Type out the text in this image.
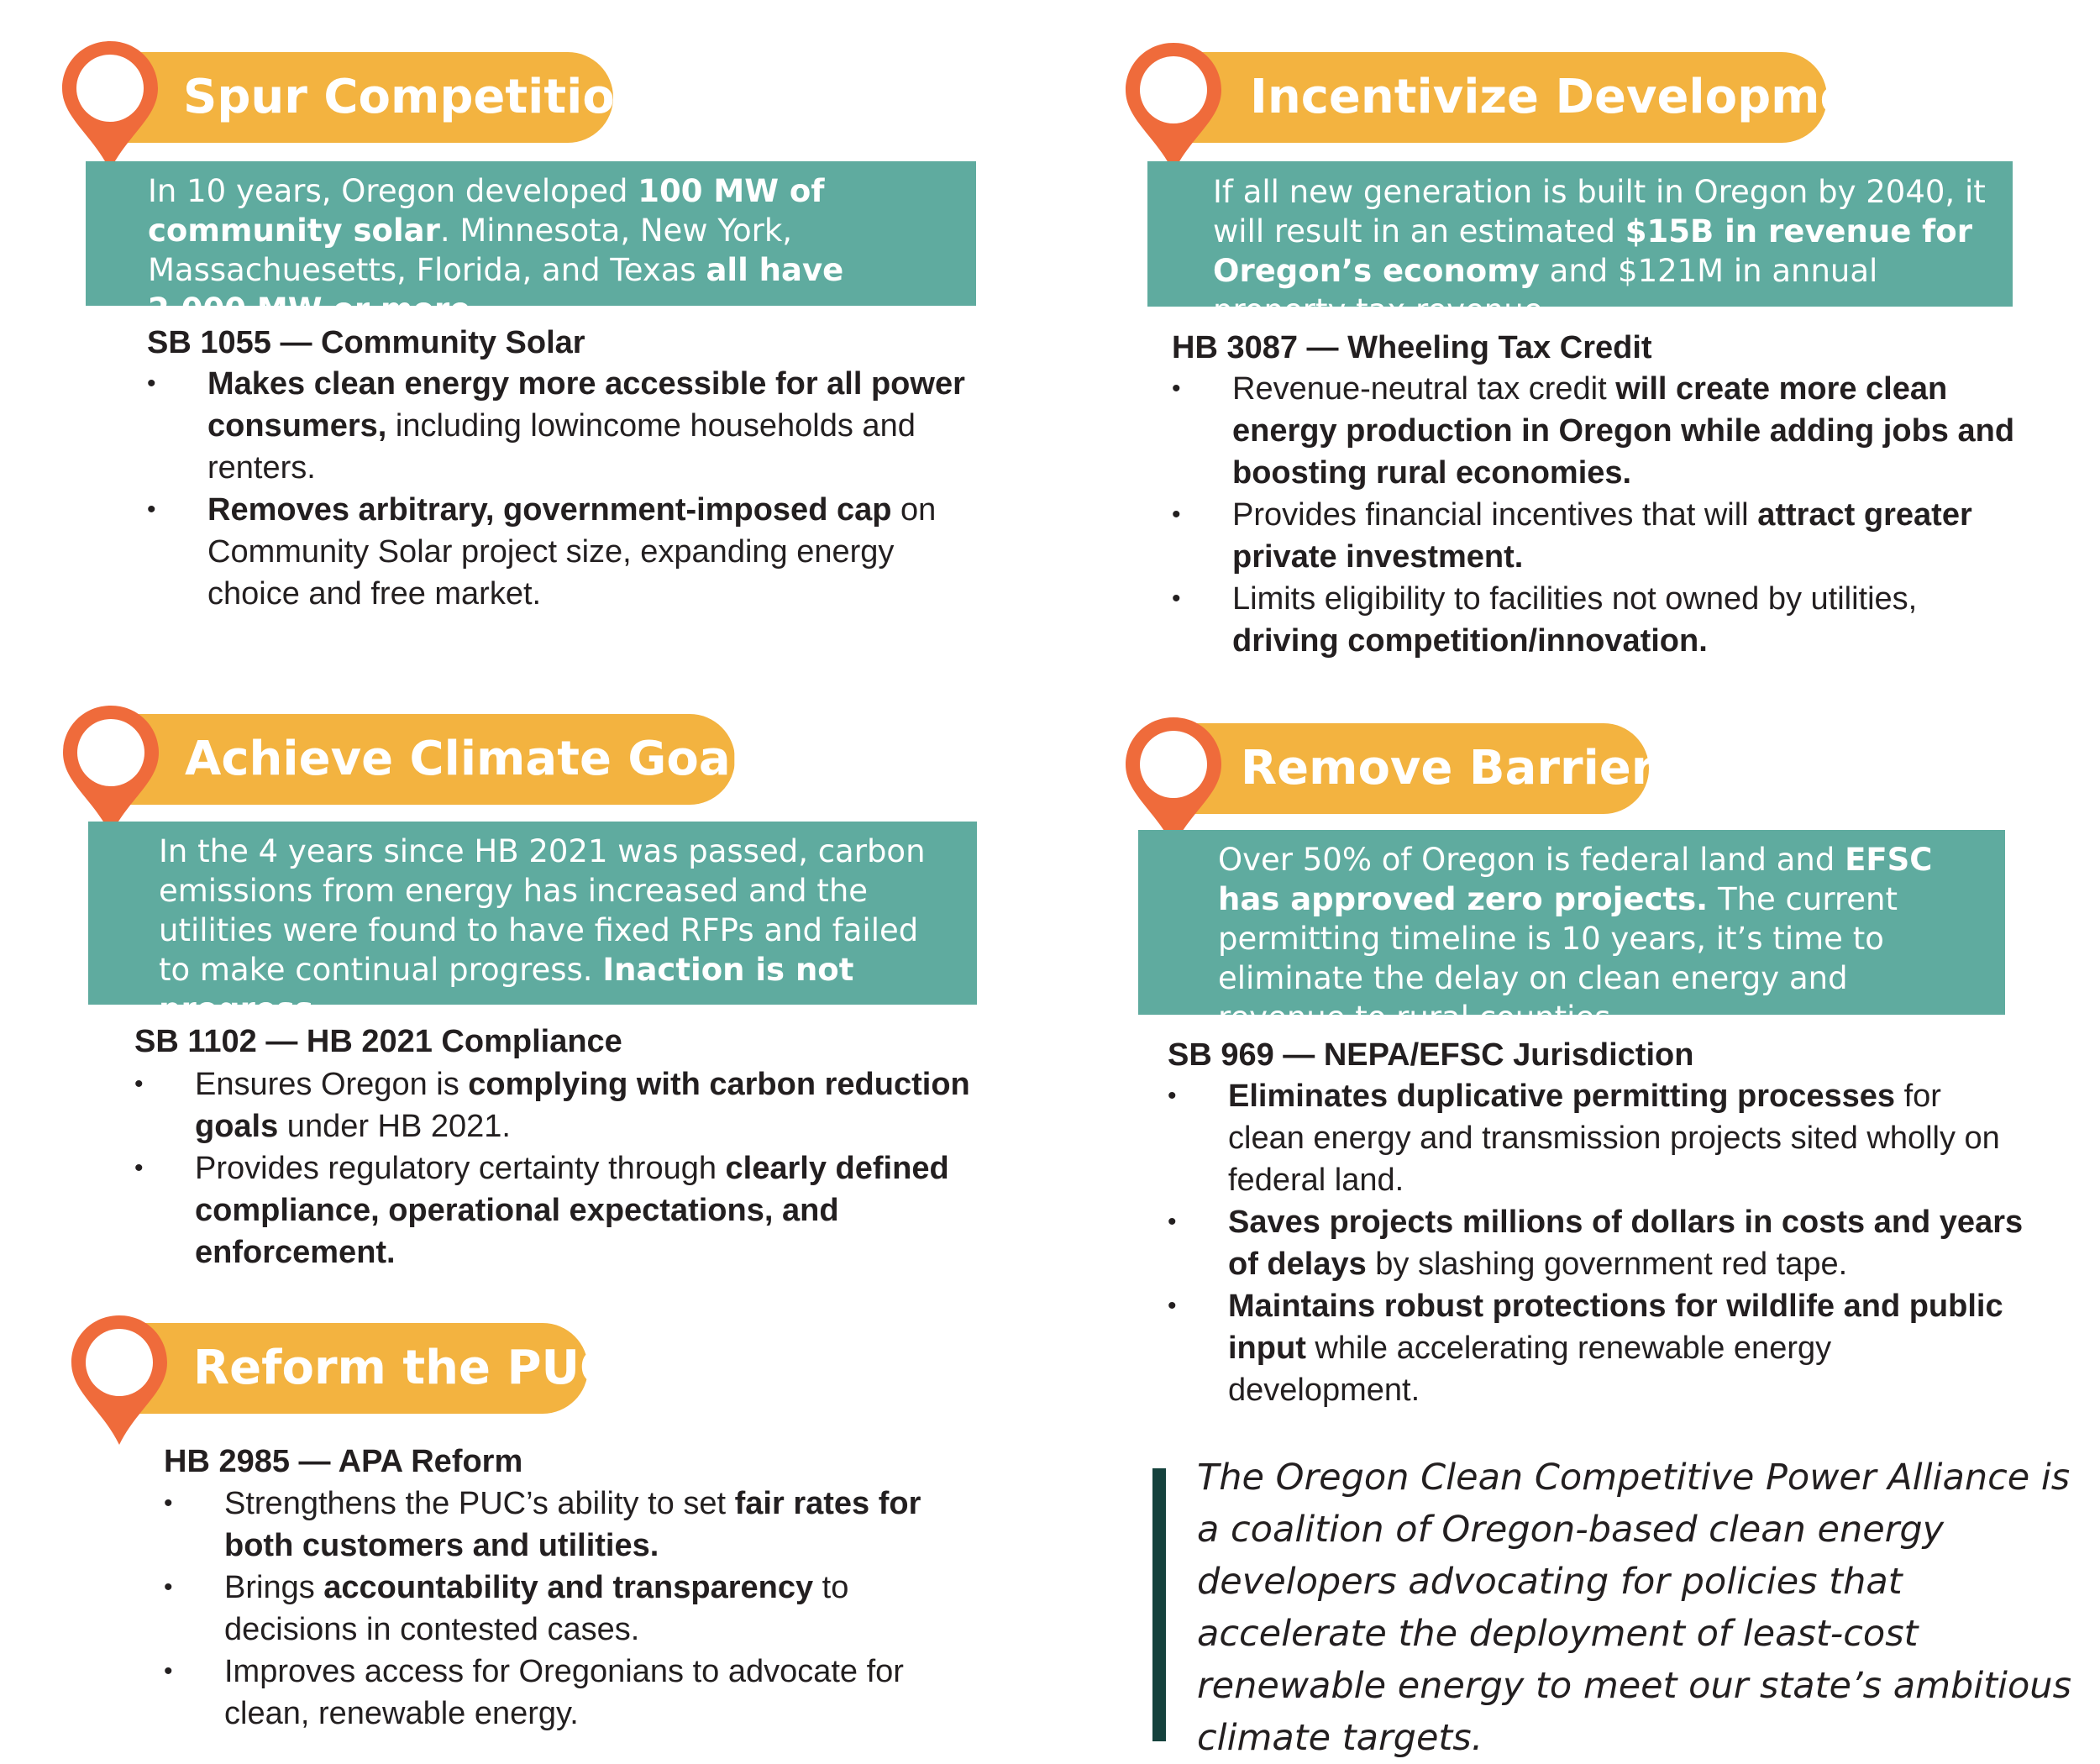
Spur Competition
In 10 years, Oregon developed 100 MW of community solar. Minnesota, New York, Massachuesetts, Florida, and Texas all have 2,000 MW or more.
SB 1055 — Community Solar
• Makes clean energy more accessible for all power consumers, including lowincome households and renters.
• Removes arbitrary, government-imposed cap on Community Solar project size, expanding energy choice and free market.
Incentivize Development
If all new generation is built in Oregon by 2040, it will result in an estimated $15B in revenue for Oregon’s economy and $121M in annual property tax revenue.
HB 3087 — Wheeling Tax Credit
• Revenue-neutral tax credit will create more clean energy production in Oregon while adding jobs and boosting rural economies.
• Provides financial incentives that will attract greater private investment.
• Limits eligibility to facilities not owned by utilities, driving competition/innovation.
Achieve Climate Goals
In the 4 years since HB 2021 was passed, carbon emissions from energy has increased and the utilities were found to have fixed RFPs and failed to make continual progress. Inaction is not progress.
SB 1102 — HB 2021 Compliance
• Ensures Oregon is complying with carbon reduction goals under HB 2021.
• Provides regulatory certainty through clearly defined compliance, operational expectations, and enforcement.
Remove Barriers
Over 50% of Oregon is federal land and EFSC has approved zero projects. The current permitting timeline is 10 years, it’s time to eliminate the delay on clean energy and revenue to rural counties.
SB 969 — NEPA/EFSC Jurisdiction
• Eliminates duplicative permitting processes for clean energy and transmission projects sited wholly on federal land.
• Saves projects millions of dollars in costs and years of delays by slashing government red tape.
• Maintains robust protections for wildlife and public input while accelerating renewable energy development.
Reform the PUC
HB 2985 — APA Reform
• Strengthens the PUC’s ability to set fair rates for both customers and utilities.
• Brings accountability and transparency to decisions in contested cases.
• Improves access for Oregonians to advocate for clean, renewable energy.
The Oregon Clean Competitive Power Alliance is a coalition of Oregon-based clean energy developers advocating for policies that accelerate the deployment of least-cost renewable energy to meet our state’s ambitious climate targets.
